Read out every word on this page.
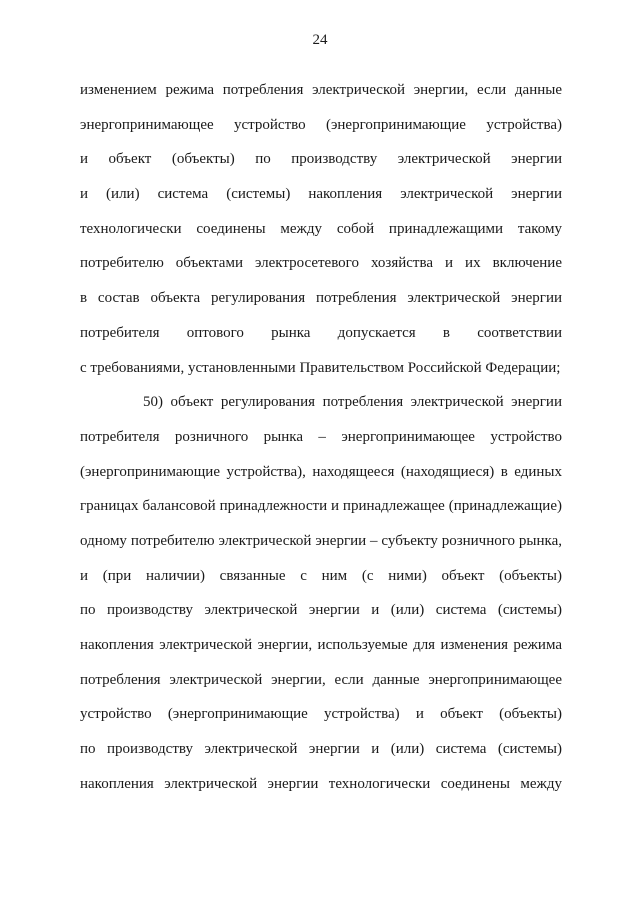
24
изменением режима потребления электрической энергии, если данные
энергопринимающее устройство (энергопринимающие устройства)
и объект (объекты) по производству электрической энергии
и (или) система (системы) накопления электрической энергии
технологически соединены между собой принадлежащими такому
потребителю объектами электросетевого хозяйства и их включение
в состав объекта регулирования потребления электрической энергии
потребителя оптового рынка допускается в соответствии
с требованиями, установленными Правительством Российской Федерации;
50) объект регулирования потребления электрической энергии
потребителя розничного рынка – энергопринимающее устройство
(энергопринимающие устройства), находящееся (находящиеся) в единых
границах балансовой принадлежности и принадлежащее (принадлежащие)
одному потребителю электрической энергии – субъекту розничного рынка,
и (при наличии) связанные с ним (с ними) объект (объекты)
по производству электрической энергии и (или) система (системы)
накопления электрической энергии, используемые для изменения режима
потребления электрической энергии, если данные энергопринимающее
устройство (энергопринимающие устройства) и объект (объекты)
по производству электрической энергии и (или) система (системы)
накопления электрической энергии технологически соединены между
